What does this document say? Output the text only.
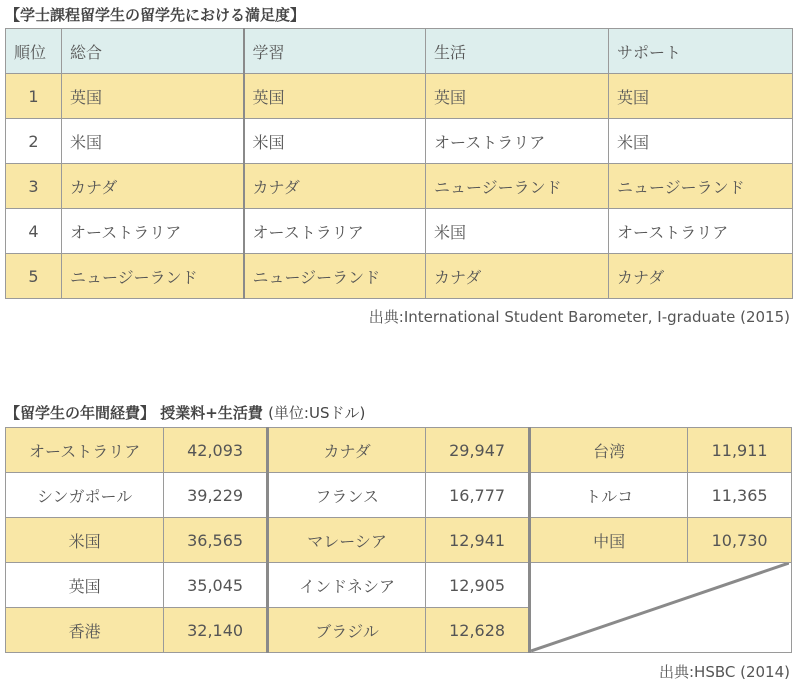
【学士課程留学生の留学先における満足度】
順位	総合	学習	生活	サポート
1	英国	英国	英国	英国
2	米国	米国	オーストラリア	米国
3	カナダ	カナダ	ニュージーランド	ニュージーランド
4	オーストラリア	オーストラリア	米国	オーストラリア
5	ニュージーランド	ニュージーランド	カナダ	カナダ
出典:International Student Barometer, I-graduate (2015)
【留学生の年間経費】 授業料+生活費 (単位:USドル)
オーストラリア	42,093	カナダ	29,947	台湾	11,911
シンガポール	39,229	フランス	16,777	トルコ	11,365
米国	36,565	マレーシア	12,941	中国	10,730
英国	35,045	インドネシア	12,905	

香港	32,140	ブラジル	12,628		
出典:HSBC (2014)
